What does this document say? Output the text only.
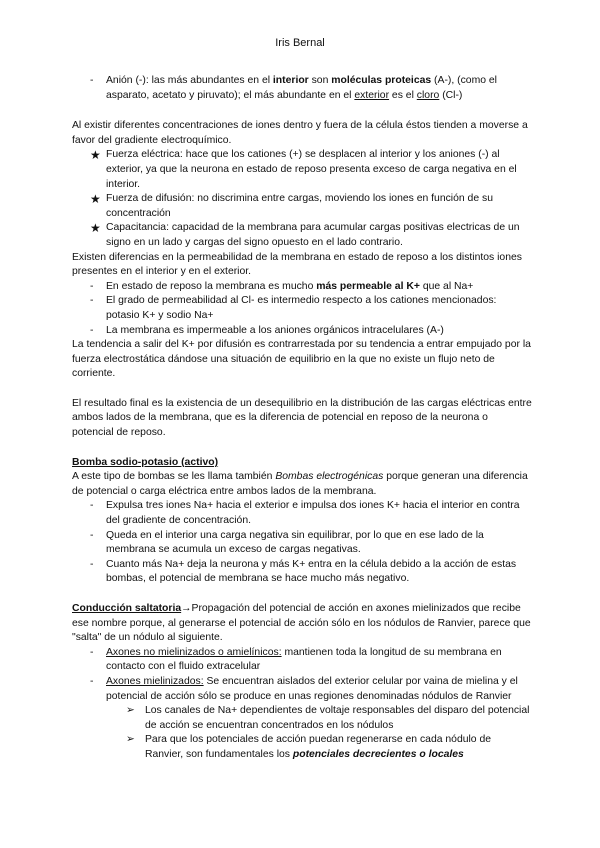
Iris Bernal
- Anión (-): las más abundantes en el interior son moléculas proteicas (A-), (como el asparato, acetato y piruvato); el más abundante en el exterior es el cloro (Cl-)

Al existir diferentes concentraciones de iones dentro y fuera de la célula éstos tienden a moverse a favor del gradiente electroquímico.

★ Fuerza eléctrica: hace que los cationes (+) se desplacen al interior y los aniones (-) al exterior, ya que la neurona en estado de reposo presenta exceso de carga negativa en el interior.
★ Fuerza de difusión: no discrimina entre cargas, moviendo los iones en función de su concentración
★ Capacitancia: capacidad de la membrana para acumular cargas positivas electricas de un signo en un lado y cargas del signo opuesto en el lado contrario.

Existen diferencias en la permeabilidad de la membrana en estado de reposo a los distintos iones presentes en el interior y en el exterior.

- En estado de reposo la membrana es mucho más permeable al K+ que al Na+
- El grado de permeabilidad al Cl- es intermedio respecto a los cationes mencionados: potasio K+ y sodio Na+
- La membrana es impermeable a los aniones orgánicos intracelulares (A-)

La tendencia a salir del K+ por difusión es contrarrestada por su tendencia a entrar empujado por la fuerza electrostática dándose una situación de equilibrio en la que no existe un flujo neto de corriente.

El resultado final es la existencia de un desequilibrio en la distribución de las cargas eléctricas entre ambos lados de la membrana, que es la diferencia de potencial en reposo de la neurona o potencial de reposo.

Bomba sodio-potasio (activo)

A este tipo de bombas se les llama también Bombas electrogénicas porque generan una diferencia de potencial o carga eléctrica entre ambos lados de la membrana.

- Expulsa tres iones Na+ hacia el exterior e impulsa dos iones K+ hacia el interior en contra del gradiente de concentración.
- Queda en el interior una carga negativa sin equilibrar, por lo que en ese lado de la membrana se acumula un exceso de cargas negativas.
- Cuanto más Na+ deja la neurona y más K+ entra en la célula debido a la acción de estas bombas, el potencial de membrana se hace mucho más negativo.

Conducción saltatoria→Propagación del potencial de acción en axones mielinizados que recibe ese nombre porque, al generarse el potencial de acción sólo en los nódulos de Ranvier, parece que "salta" de un nódulo al siguiente.

- Axones no mielinizados o amielínicos: mantienen toda la longitud de su membrana en contacto con el fluido extracelular
- Axones mielinizados: Se encuentran aislados del exterior celular por vaina de mielina y el potencial de acción sólo se produce en unas regiones denominadas nódulos de Ranvier
➢ Los canales de Na+ dependientes de voltaje responsables del disparo del potencial de acción se encuentran concentrados en los nódulos
➢ Para que los potenciales de acción puedan regenerarse en cada nódulo de Ranvier, son fundamentales los potenciales decrecientes o locales
